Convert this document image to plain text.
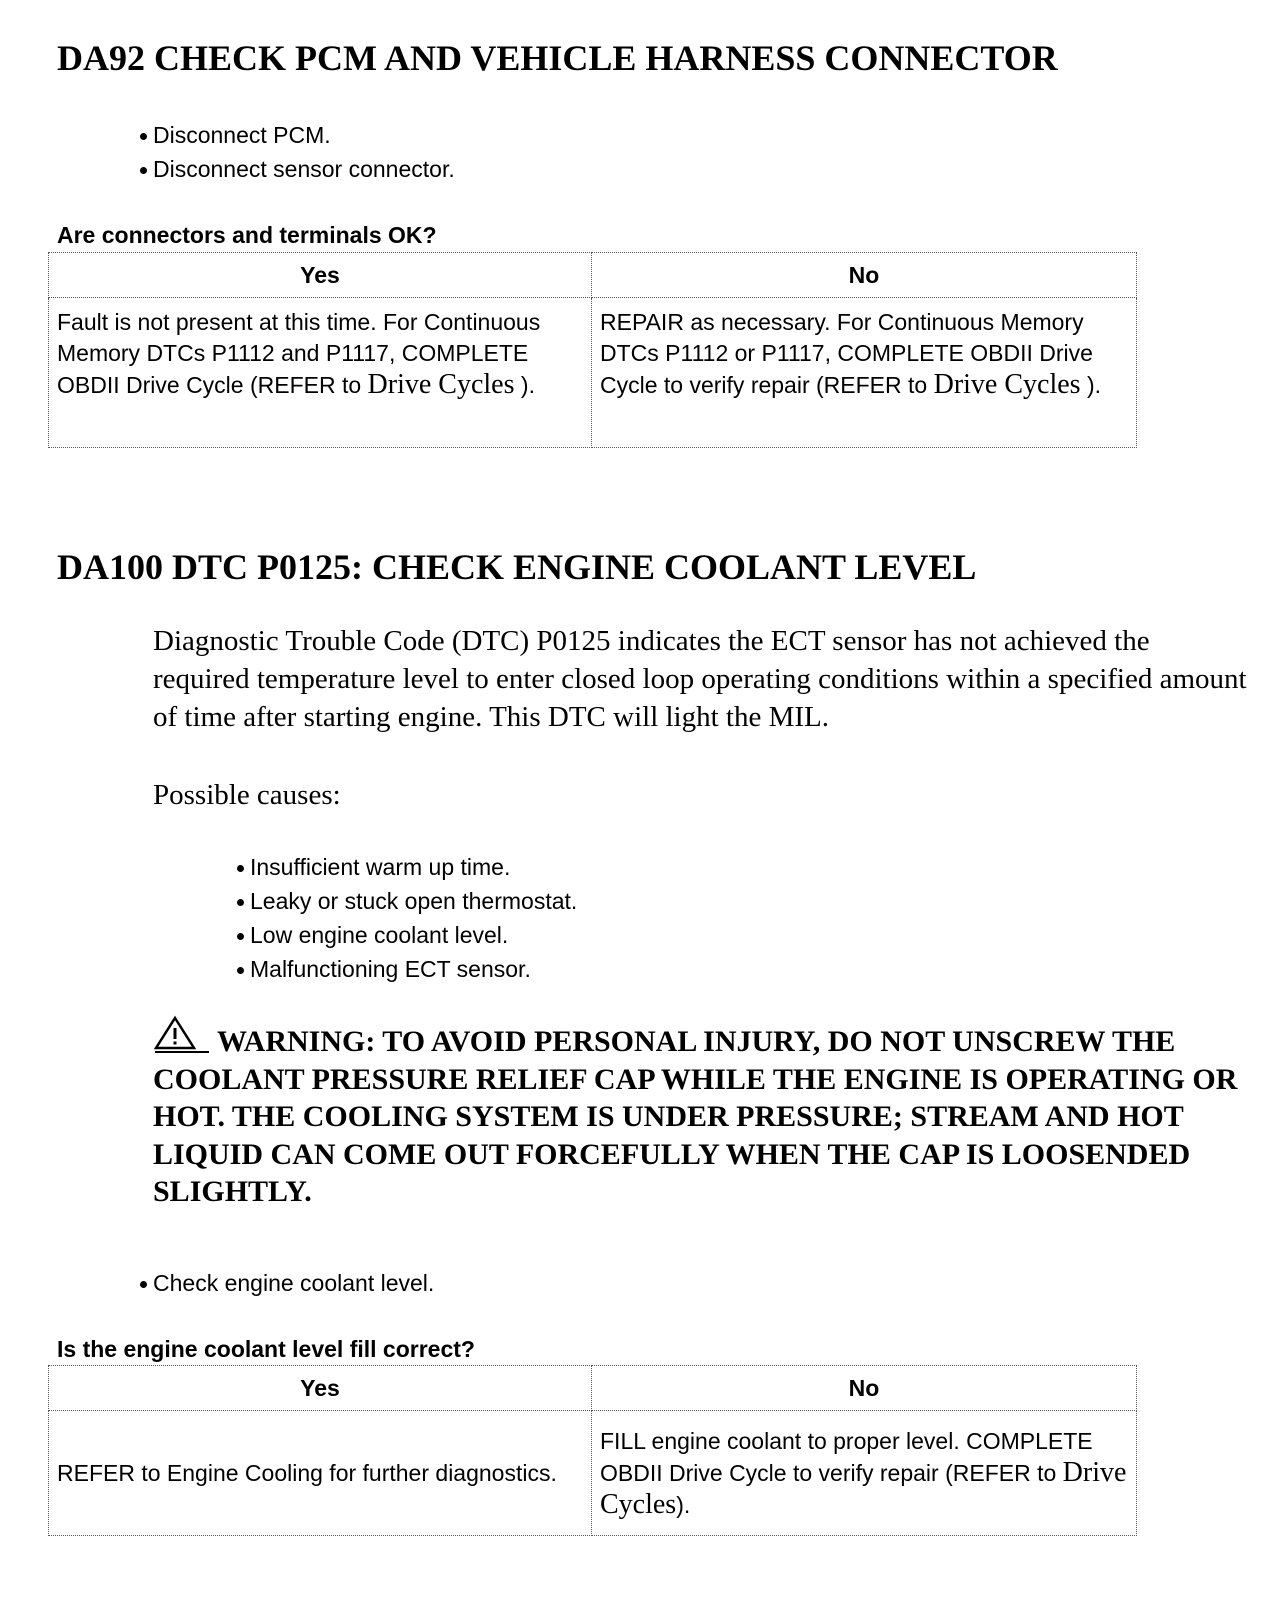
DA92 CHECK PCM AND VEHICLE HARNESS CONNECTOR
Disconnect PCM.
Disconnect sensor connector.

Are connectors and terminals OK?

Yes	No
Fault is not present at this time. For Continuous Memory DTCs P1112 and P1117, COMPLETE OBDII Drive Cycle (REFER to Drive Cycles ).	REPAIR as necessary. For Continuous Memory DTCs P1112 or P1117, COMPLETE OBDII Drive Cycle to verify repair (REFER to Drive Cycles ).
DA100 DTC P0125: CHECK ENGINE COOLANT LEVEL

Diagnostic Trouble Code (DTC) P0125 indicates the ECT sensor has not achieved the required temperature level to enter closed loop operating conditions within a specified amount of time after starting engine. This DTC will light the MIL.

Possible causes:

Insufficient warm up time.
Leaky or stuck open thermostat.
Low engine coolant level.
Malfunctioning ECT sensor.

WARNING: TO AVOID PERSONAL INJURY, DO NOT UNSCREW THE COOLANT PRESSURE RELIEF CAP WHILE THE ENGINE IS OPERATING OR HOT. THE COOLING SYSTEM IS UNDER PRESSURE; STREAM AND HOT LIQUID CAN COME OUT FORCEFULLY WHEN THE CAP IS LOOSENDED SLIGHTLY.

Check engine coolant level.

Is the engine coolant level fill correct?

Yes	No
REFER to Engine Cooling for further diagnostics.	FILL engine coolant to proper level. COMPLETE OBDII Drive Cycle to verify repair (REFER to Drive Cycles).
